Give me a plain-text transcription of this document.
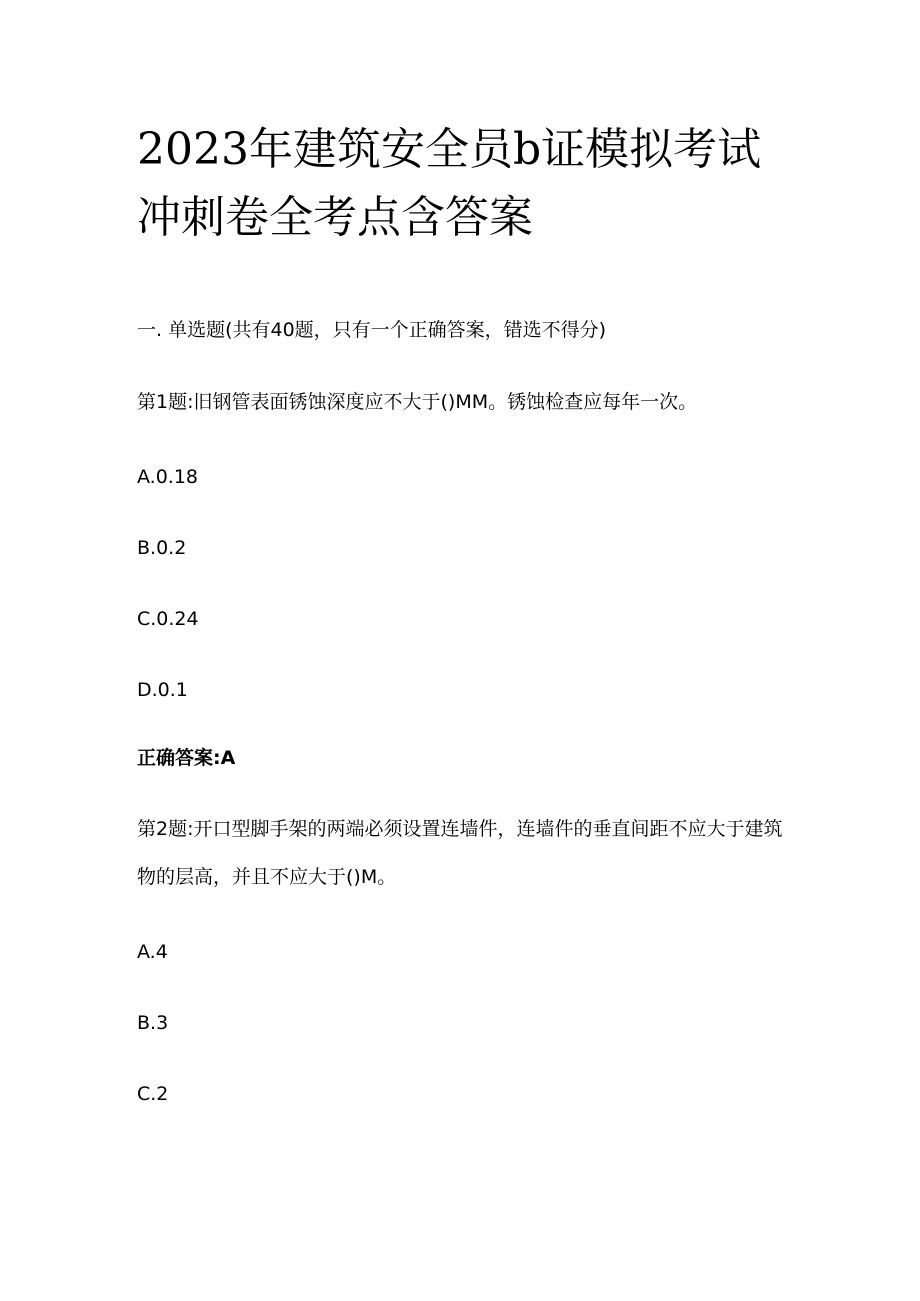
2023年建筑安全员b证模拟考试冲刺卷全考点含答案

一. 单选题(共有40题，只有一个正确答案，错选不得分)

第1题:旧钢管表面锈蚀深度应不大于()MM。锈蚀检查应每年一次。

A.0.18

B.0.2

C.0.24

D.0.1

正确答案:A

第2题:开口型脚手架的两端必须设置连墙件，连墙件的垂直间距不应大于建筑物的层高，并且不应大于()M。

A.4

B.3

C.2
